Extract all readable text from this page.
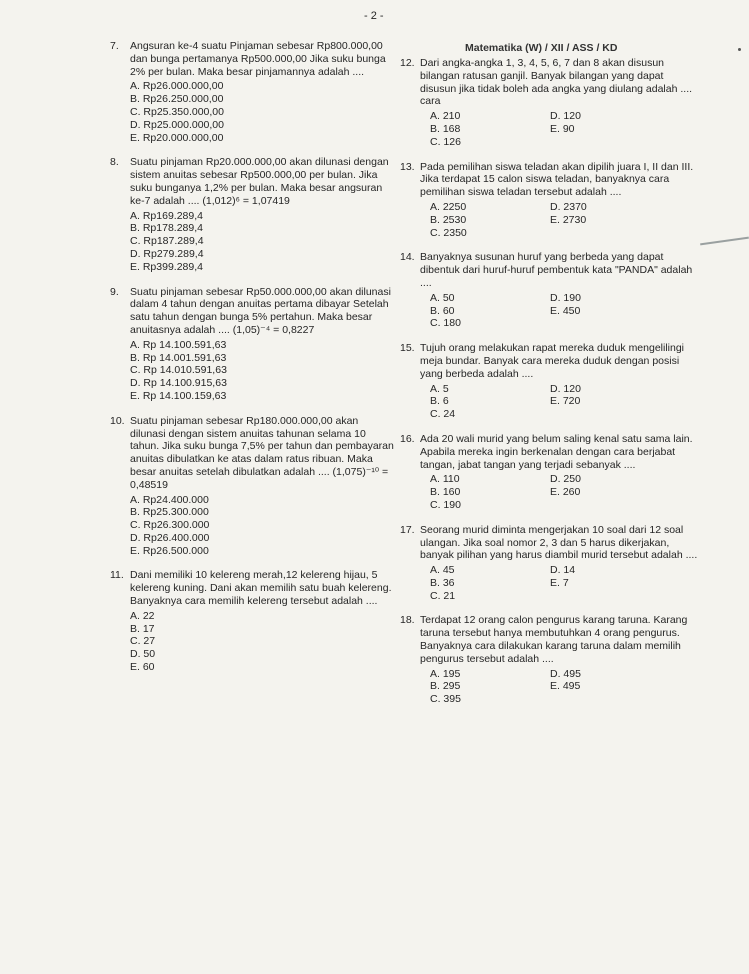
- 2 -
Matematika (W) / XII / ASS / KD
7. Angsuran ke-4 suatu Pinjaman sebesar Rp800.000,00 dan bunga pertamanya Rp500.000,00 Jika suku bunga 2% per bulan. Maka besar pinjamannya adalah ....
A. Rp26.000.000,00
B. Rp26.250.000,00
C. Rp25.350.000,00
D. Rp25.000.000,00
E. Rp20.000.000,00
8. Suatu pinjaman Rp20.000.000,00 akan dilunasi dengan sistem anuitas sebesar Rp500.000,00 per bulan. Jika suku bunganya 1,2% per bulan. Maka besar angsuran ke-7 adalah .... (1,012)⁶ = 1,07419
A. Rp169.289,4
B. Rp178.289,4
C. Rp187.289,4
D. Rp279.289,4
E. Rp399.289,4
9. Suatu pinjaman sebesar Rp50.000.000,00 akan dilunasi dalam 4 tahun dengan anuitas pertama dibayar Setelah satu tahun dengan bunga 5% pertahun. Maka besar anuitasnya adalah .... (1,05)⁻⁴ = 0,8227
A. Rp 14.100.591,63
B. Rp 14.001.591,63
C. Rp 14.010.591,63
D. Rp 14.100.915,63
E. Rp 14.100.159,63
10. Suatu pinjaman sebesar Rp180.000.000,00 akan dilunasi dengan sistem anuitas tahunan selama 10 tahun. Jika suku bunga 7,5% per tahun dan pembayaran anuitas dibulatkan ke atas dalam ratus ribuan. Maka besar anuitas setelah dibulatkan adalah .... (1,075)⁻¹⁰ = 0,48519
A. Rp24.400.000
B. Rp25.300.000
C. Rp26.300.000
D. Rp26.400.000
E. Rp26.500.000
11. Dani memiliki 10 kelereng merah,12 kelereng hijau, 5 kelereng kuning. Dani akan memilih satu buah kelereng. Banyaknya cara memilih kelereng tersebut adalah ....
A. 22
B. 17
C. 27
D. 50
E. 60
12. Dari angka-angka 1, 3, 4, 5, 6, 7 dan 8 akan disusun bilangan ratusan ganjil. Banyak bilangan yang dapat disusun jika tidak boleh ada angka yang diulang adalah .... cara
A. 210	D. 120
B. 168	E. 90
C. 126
13. Pada pemilihan siswa teladan akan dipilih juara I, II dan III. Jika terdapat 15 calon siswa teladan, banyaknya cara pemilihan siswa teladan tersebut adalah ....
A. 2250	D. 2370
B. 2530	E. 2730
C. 2350
14. Banyaknya susunan huruf yang berbeda yang dapat dibentuk dari huruf-huruf pembentuk kata "PANDA" adalah ....
A. 50	D. 190
B. 60	E. 450
C. 180
15. Tujuh orang melakukan rapat mereka duduk mengelilingi meja bundar. Banyak cara mereka duduk dengan posisi yang berbeda adalah ....
A. 5	D. 120
B. 6	E. 720
C. 24
16. Ada 20 wali murid yang belum saling kenal satu sama lain. Apabila mereka ingin berkenalan dengan cara berjabat tangan, jabat tangan yang terjadi sebanyak ....
A. 110	D. 250
B. 160	E. 260
C. 190
17. Seorang murid diminta mengerjakan 10 soal dari 12 soal ulangan. Jika soal nomor 2, 3 dan 5 harus dikerjakan, banyak pilihan yang harus diambil murid tersebut adalah ....
A. 45	D. 14
B. 36	E. 7
C. 21
18. Terdapat 12 orang calon pengurus karang taruna. Karang taruna tersebut hanya membutuhkan 4 orang pengurus. Banyaknya cara dilakukan karang taruna dalam memilih pengurus tersebut adalah ....
A. 195	D. 495
B. 295	E. 495
C. 395
